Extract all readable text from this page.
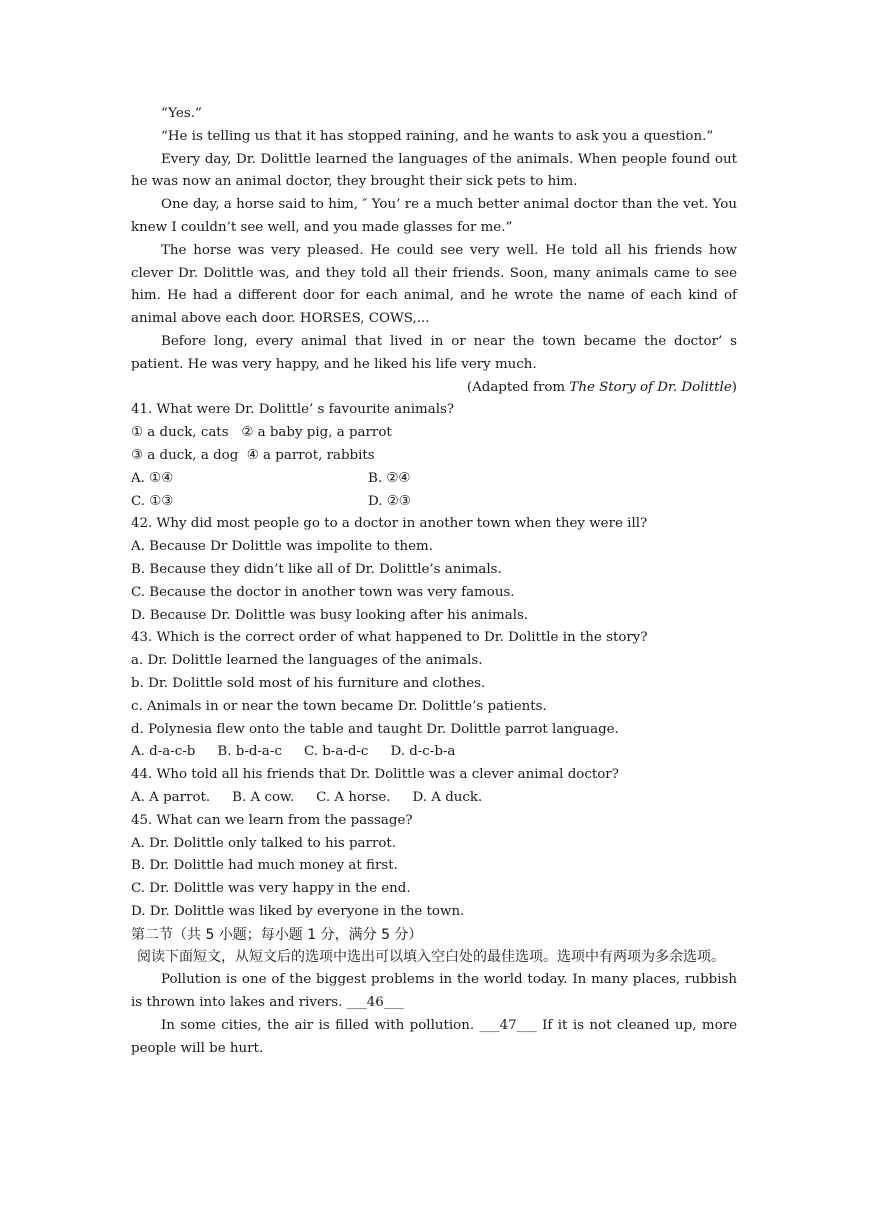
“Yes.”

“He is telling us that it has stopped raining, and he wants to ask you a question.”

Every day, Dr. Dolittle learned the languages of the animals. When people found out he was now an animal doctor, they brought their sick pets to him.

One day, a horse said to him, ″ You’ re a much better animal doctor than the vet. You knew I couldn’t see well, and you made glasses for me.”

The horse was very pleased. He could see very well. He told all his friends how clever Dr. Dolittle was, and they told all their friends. Soon, many animals came to see him. He had a different door for each animal, and he wrote the name of each kind of animal above each door. HORSES, COWS,...

Before long, every animal that lived in or near the town became the doctor’ s patient. He was very happy, and he liked his life very much.

(Adapted from The Story of Dr. Dolittle)

41. What were Dr. Dolittle’ s favourite animals?

① a duck, cats   ② a baby pig, a parrot

③ a duck, a dog  ④ a parrot, rabbits

A. ①④	B. ②④
C. ①③	D. ②③

42. Why did most people go to a doctor in another town when they were ill?

A. Because Dr Dolittle was impolite to them.

B. Because they didn’t like all of Dr. Dolittle’s animals.

C. Because the doctor in another town was very famous.

D. Because Dr. Dolittle was busy looking after his animals.

43. Which is the correct order of what happened to Dr. Dolittle in the story?

a. Dr. Dolittle learned the languages of the animals.

b. Dr. Dolittle sold most of his furniture and clothes.

c. Animals in or near the town became Dr. Dolittle’s patients.

d. Polynesia flew onto the table and taught Dr. Dolittle parrot language.

A. d-a-c-b B. b-d-a-c C. b-a-d-c D. d-c-b-a

44. Who told all his friends that Dr. Dolittle was a clever animal doctor?

A. A parrot. B. A cow. C. A horse. D. A duck.

45. What can we learn from the passage?

A. Dr. Dolittle only talked to his parrot.

B. Dr. Dolittle had much money at first.

C. Dr. Dolittle was very happy in the end.

D. Dr. Dolittle was liked by everyone in the town.

第二节（共 5 小题；每小题 1 分，满分 5 分）

阅读下面短文，从短文后的选项中选出可以填入空白处的最佳选项。选项中有两项为多余选项。

Pollution is one of the biggest problems in the world today. In many places, rubbish is thrown into lakes and rivers. ___46___

In some cities, the air is filled with pollution. ___47___ If it is not cleaned up, more people will be hurt.
